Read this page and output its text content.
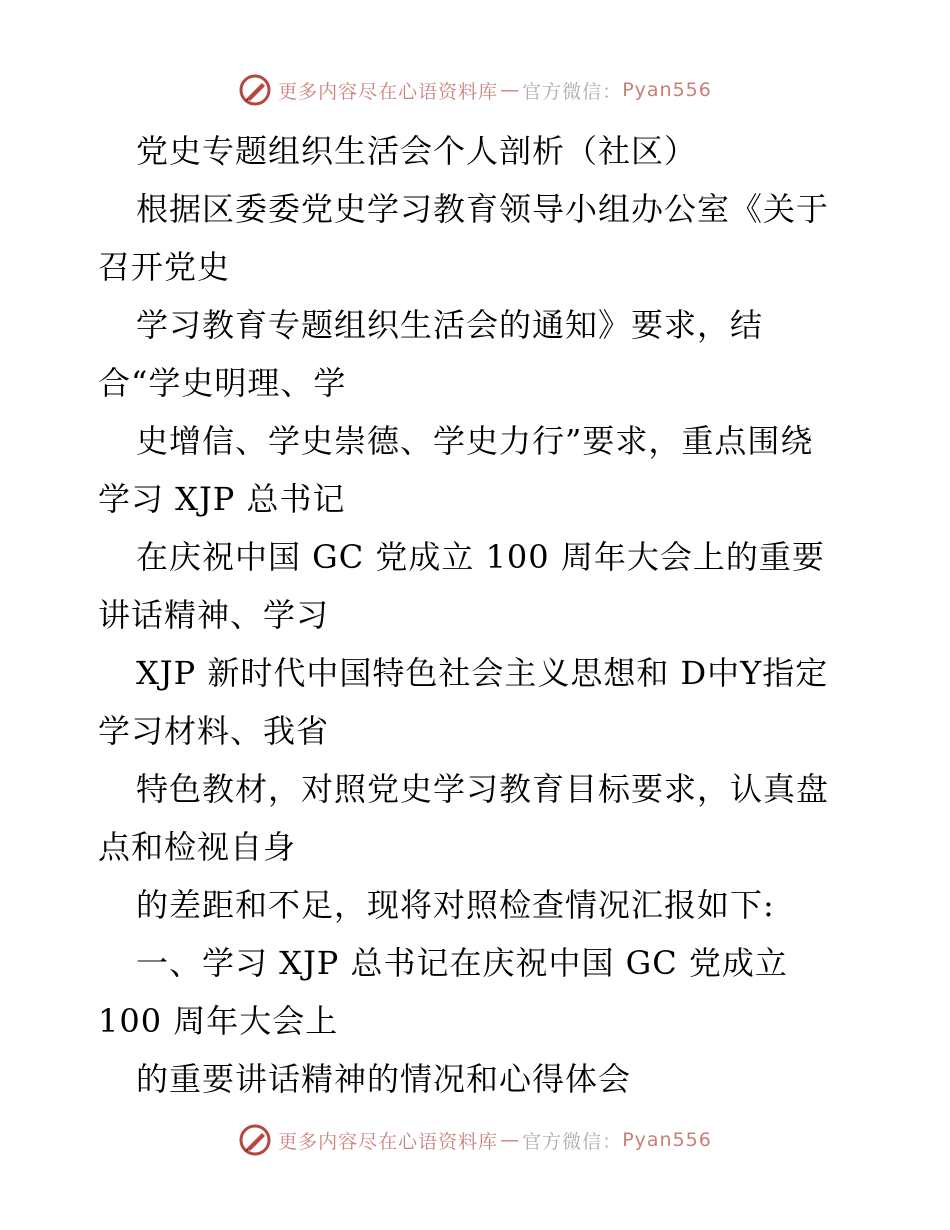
更多内容尽在心语资料库 — 官方微信： Pyan556

党史专题组织生活会个人剖析（社区）

根据区委委党史学习教育领导小组办公室《关于

召开党史

学习教育专题组织生活会的通知》要求，结

合“学史明理、学

史增信、学史崇德、学史力行”要求，重点围绕

学习 XJP 总书记

在庆祝中国 GC 党成立 100 周年大会上的重要

讲话精神、学习

XJP 新时代中国特色社会主义思想和 D中Y指定

学习材料、我省

特色教材，对照党史学习教育目标要求，认真盘

点和检视自身

的差距和不足，现将对照检查情况汇报如下:

一、学习 XJP 总书记在庆祝中国 GC 党成立

100 周年大会上

的重要讲话精神的情况和心得体会

更多内容尽在心语资料库 — 官方微信： Pyan556
